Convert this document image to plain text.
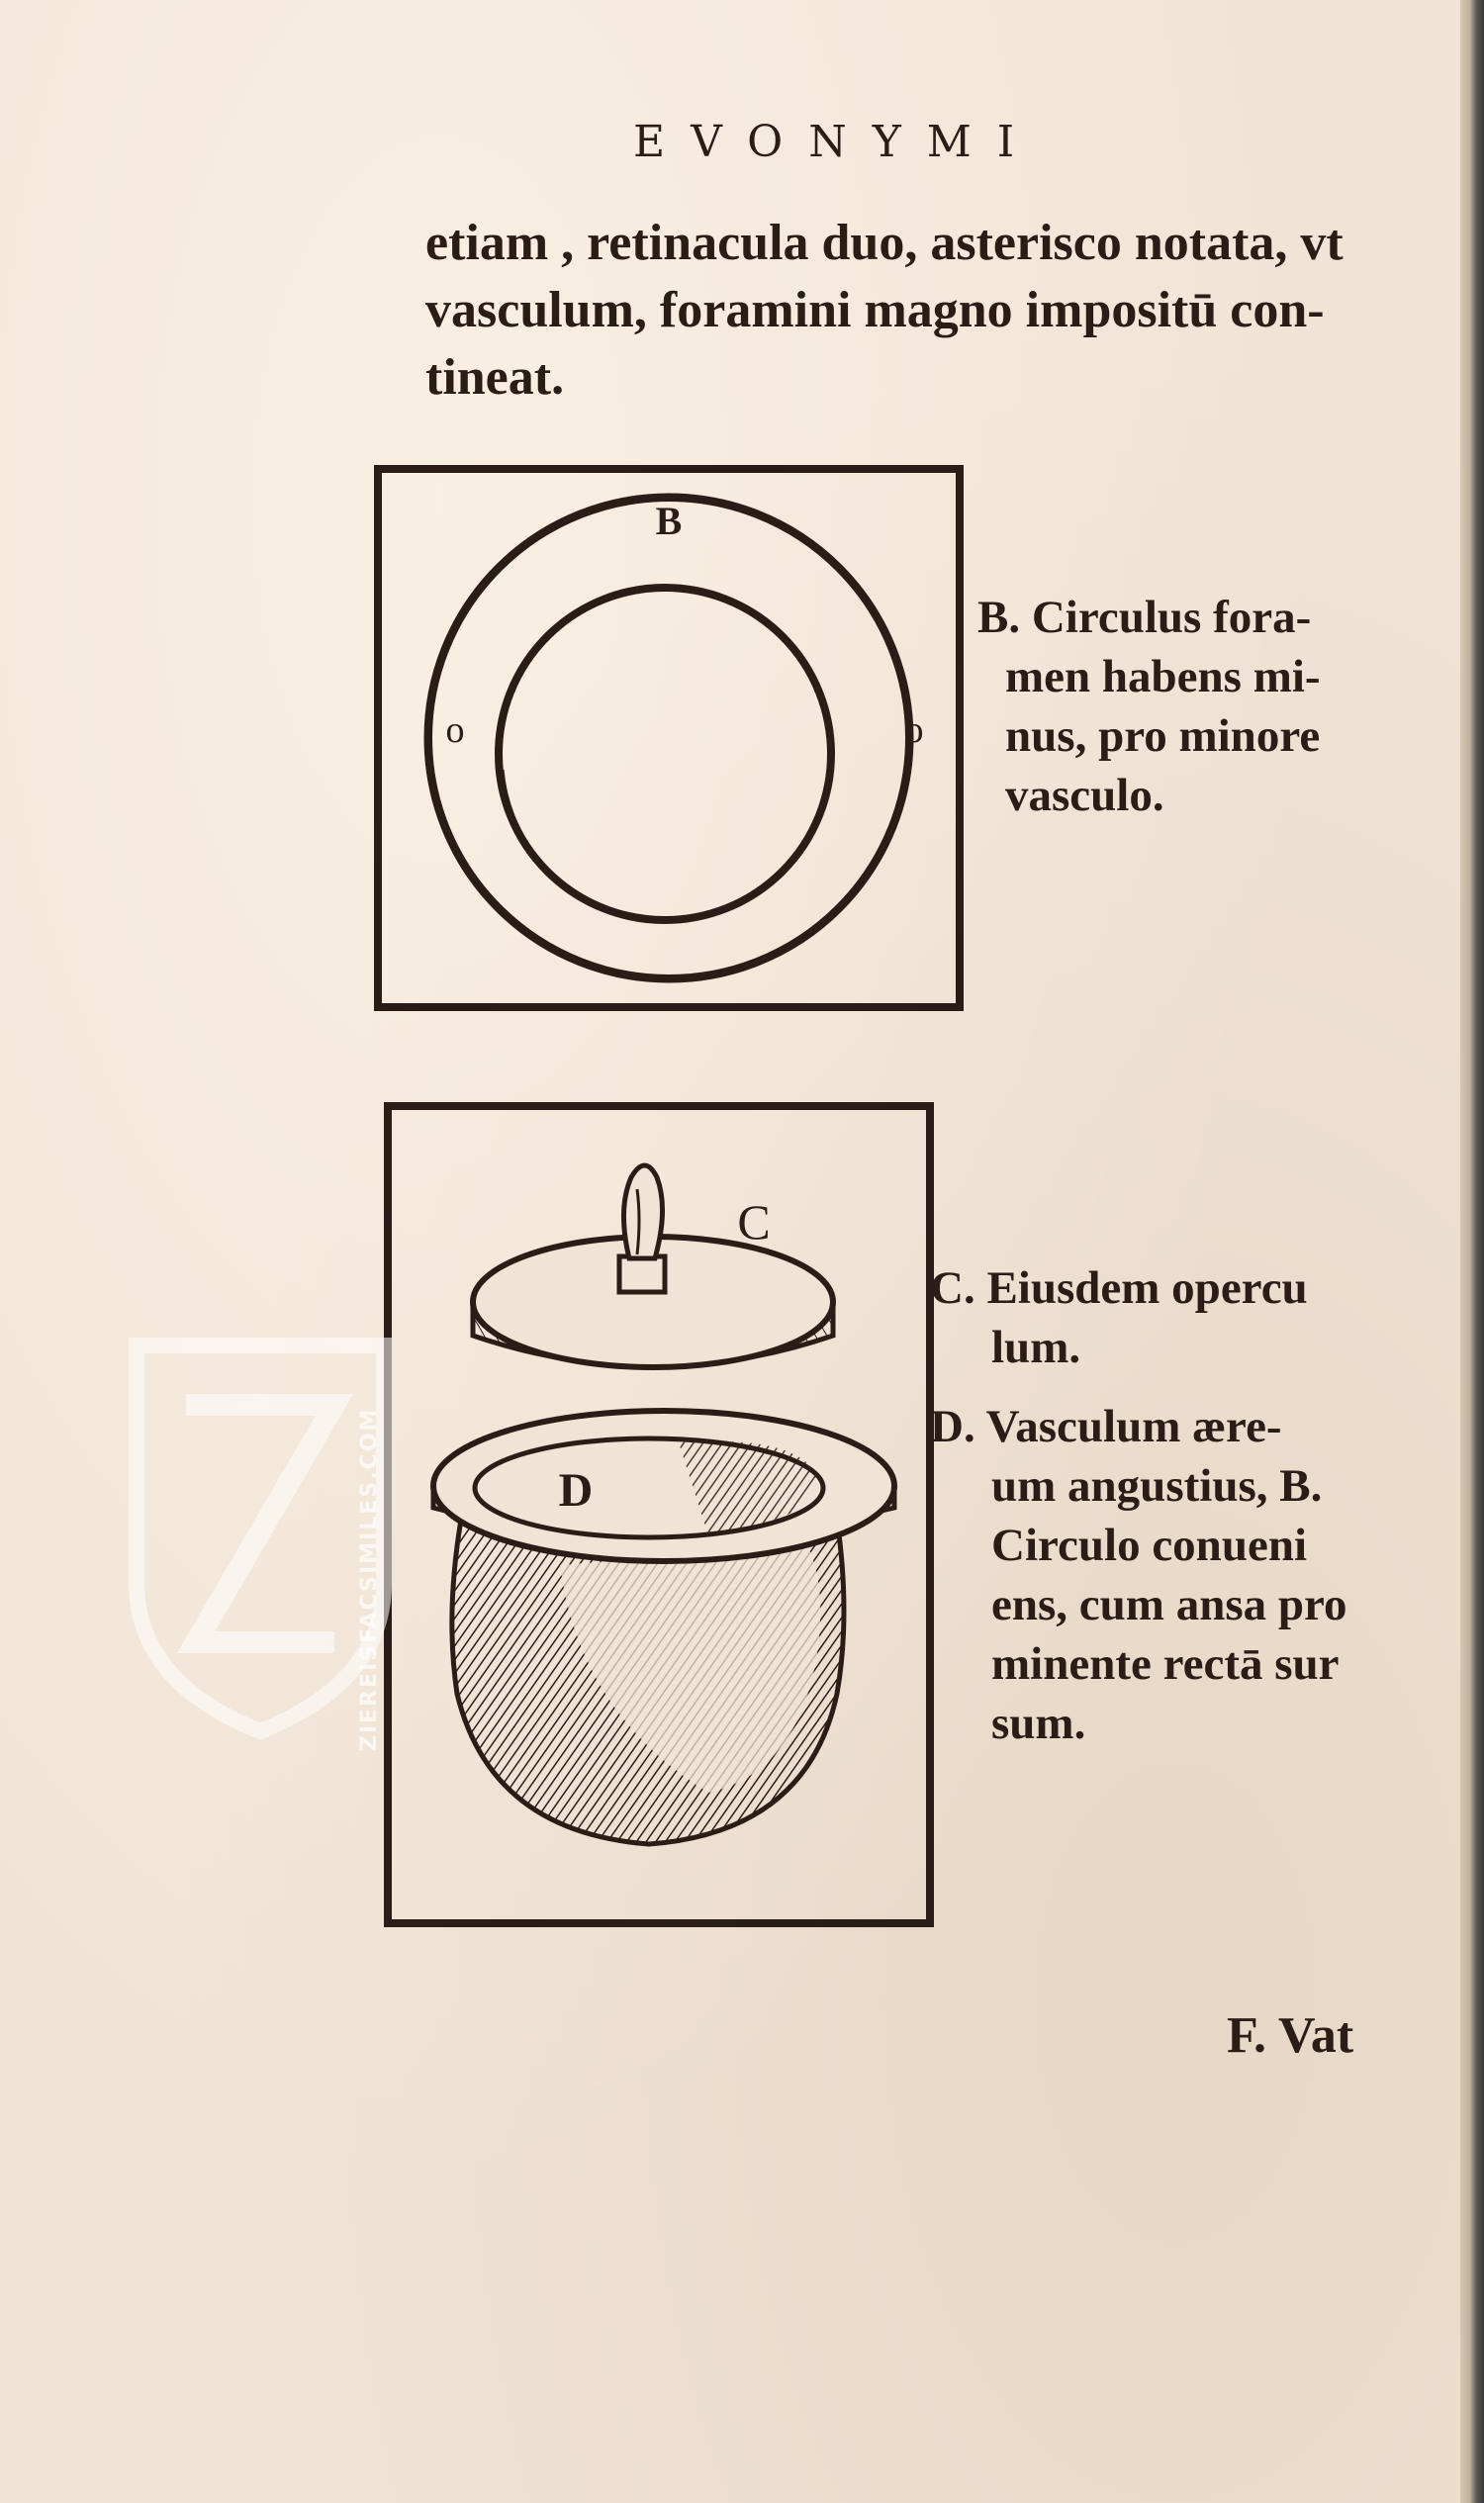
EVONYMI
etiam , retinacula duo, asterisco notata, vt
vasculum, foramini magno impositū con-
tineat.
B
o	o
B. Circulus fora-
men habens mi-
nus, pro minore
vasculo.
C
D
C. Eiusdem opercu
lum.
D. Vasculum ære-
um angustius, B.
Circulo conueni
ens, cum ansa pro
minente rectā sur
sum.
F. Vat
ZIEREISFACSIMILES.COM
